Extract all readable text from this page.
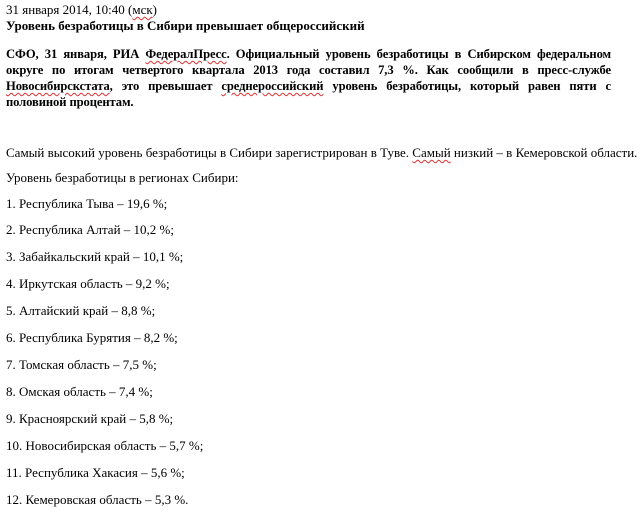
31 января 2014, 10:40 (мск)

Уровень безработицы в Сибири превышает общероссийский

СФО, 31 января, РИА ФедералПресс. Официальный уровень безработицы в Сибирском федеральном округе по итогам четвертого квартала 2013 года составил 7,3 %. Как сообщили в пресс-службе Новосибирскстата, это превышает среднероссийский уровень безработицы, который равен пяти с половиной процентам.

Самый высокий уровень безработицы в Сибири зарегистрирован в Туве. Самый низкий – в Кемеровской области.

Уровень безработицы в регионах Сибири:

1. Республика Тыва – 19,6 %;
2. Республика Алтай – 10,2 %;
3. Забайкальский край – 10,1 %;
4. Иркутская область – 9,2 %;
5. Алтайский край – 8,8 %;
6. Республика Бурятия – 8,2 %;
7. Томская область – 7,5 %;
8. Омская область – 7,4 %;
9. Красноярский край – 5,8 %;
10. Новосибирская область – 5,7 %;
11. Республика Хакасия – 5,6 %;
12. Кемеровская область – 5,3 %.
